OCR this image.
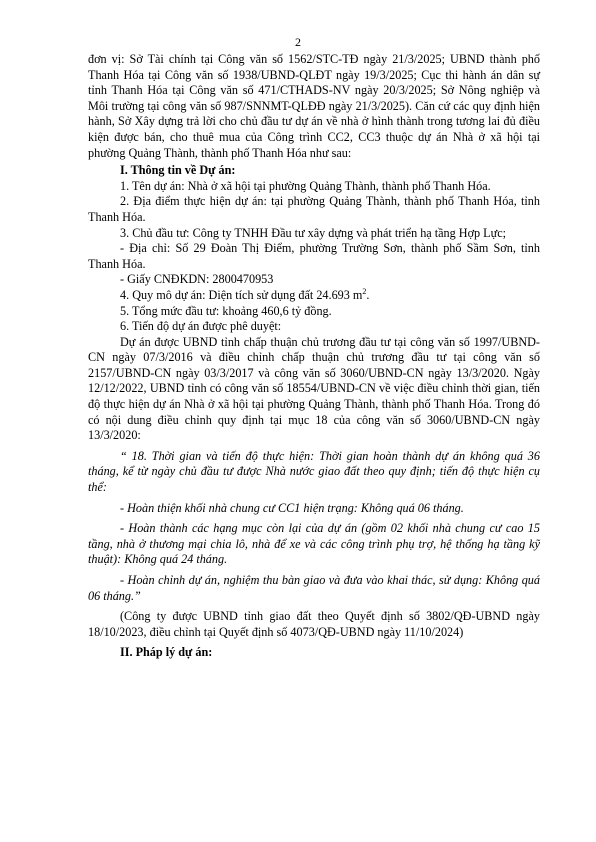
2

đơn vị: Sở Tài chính tại Công văn số 1562/STC-TĐ ngày 21/3/2025; UBND thành phố Thanh Hóa tại Công văn số 1938/UBND-QLĐT ngày 19/3/2025; Cục thi hành án dân sự tỉnh Thanh Hóa tại Công văn số 471/CTHADS-NV ngày 20/3/2025; Sở Nông nghiệp và Môi trường tại công văn số 987/SNNMT-QLĐĐ ngày 21/3/2025). Căn cứ các quy định hiện hành, Sở Xây dựng trả lời cho chủ đầu tư dự án về nhà ở hình thành trong tương lai đủ điều kiện được bán, cho thuê mua của Công trình CC2, CC3 thuộc dự án Nhà ở xã hội tại phường Quảng Thành, thành phố Thanh Hóa như sau:

I. Thông tin về Dự án:

1. Tên dự án: Nhà ở xã hội tại phường Quảng Thành, thành phố Thanh Hóa.

2. Địa điểm thực hiện dự án: tại phường Quảng Thành, thành phố Thanh Hóa, tỉnh Thanh Hóa.

3. Chủ đầu tư: Công ty TNHH Đầu tư xây dựng và phát triển hạ tầng Hợp Lực;

- Địa chỉ: Số 29 Đoàn Thị Điểm, phường Trường Sơn, thành phố Sầm Sơn, tỉnh Thanh Hóa.

- Giấy CNĐKDN: 2800470953

4. Quy mô dự án: Diện tích sử dụng đất 24.693 $m^2$.

5. Tổng mức đầu tư: khoảng 460,6 tỷ đồng.

6. Tiến độ dự án được phê duyệt:

Dự án được UBND tỉnh chấp thuận chủ trương đầu tư tại công văn số 1997/UBND-CN ngày 07/3/2016 và điều chỉnh chấp thuận chủ trương đầu tư tại công văn số 2157/UBND-CN ngày 03/3/2017 và công văn số 3060/UBND-CN ngày 13/3/2020. Ngày 12/12/2022, UBND tỉnh có công văn số 18554/UBND-CN về việc điều chỉnh thời gian, tiến độ thực hiện dự án Nhà ở xã hội tại phường Quảng Thành, thành phố Thanh Hóa. Trong đó có nội dung điều chỉnh quy định tại mục 18 của công văn số 3060/UBND-CN ngày 13/3/2020:

“ 18. Thời gian và tiến độ thực hiện: Thời gian hoàn thành dự án không quá 36 tháng, kể từ ngày chủ đầu tư được Nhà nước giao đất theo quy định; tiến độ thực hiện cụ thể:

- Hoàn thiện khối nhà chung cư CC1 hiện trạng: Không quá 06 tháng.

- Hoàn thành các hạng mục còn lại của dự án (gồm 02 khối nhà chung cư cao 15 tầng, nhà ở thương mại chia lô, nhà để xe và các công trình phụ trợ, hệ thống hạ tầng kỹ thuật): Không quá 24 tháng.

- Hoàn chỉnh dự án, nghiệm thu bàn giao và đưa vào khai thác, sử dụng: Không quá 06 tháng.”

(Công ty được UBND tỉnh giao đất theo Quyết định số 3802/QĐ-UBND ngày 18/10/2023, điều chỉnh tại Quyết định số 4073/QĐ-UBND ngày 11/10/2024)

II. Pháp lý dự án:
